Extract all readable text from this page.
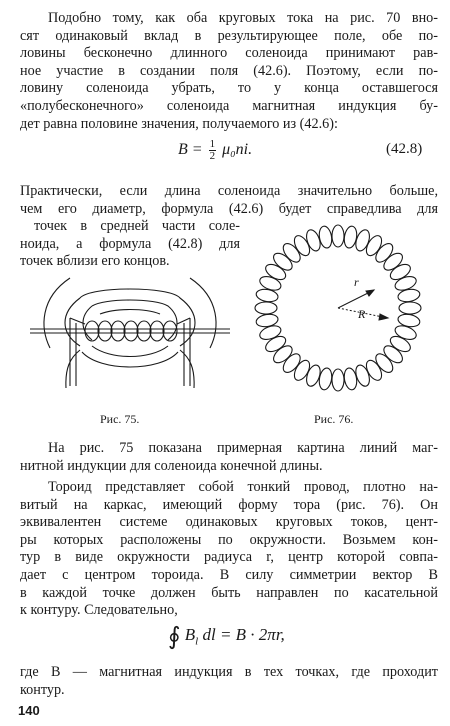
Подобно тому, как оба круговых тока на рис. 70 вно-
сят одинаковый вклад в результирующее поле, обе по-
ловины бесконечно длинного соленоида принимают рав-
ное участие в создании поля (42.6). Поэтому, если по-
ловину соленоида убрать, то у конца оставшегося
«полубесконечного» соленоида магнитная индукция бу-
дет равна половине значения, получаемого из (42.6):
$B = \frac{1}{2} \mu_0ni$.	(42.8)
Практически, если длина соленоида значительно больше,
чем его диаметр, формула (42.6) будет справедлива для
точек в средней части соле-
ноида, а формула (42.8) для
точек вблизи его концов.
Рис. 75.
r
R
Рис. 76.
На рис. 75 показана примерная картина линий маг-
нитной индукции для соленоида конечной длины.
Тороид представляет собой тонкий провод, плотно на-
витый на каркас, имеющий форму тора (рис. 76). Он
эквивалентен системе одинаковых круговых токов, цент-
ры которых расположены по окружности. Возьмем кон-
тур в виде окружности радиуса r, центр которой совпа-
дает с центром тороида. В силу симметрии вектор B
в каждой точке должен быть направлен по касательной
к контуру. Следовательно,
∮ $B_l$ dl = B · 2πr,
где B — магнитная индукция в тех точках, где проходит
контур.
140
